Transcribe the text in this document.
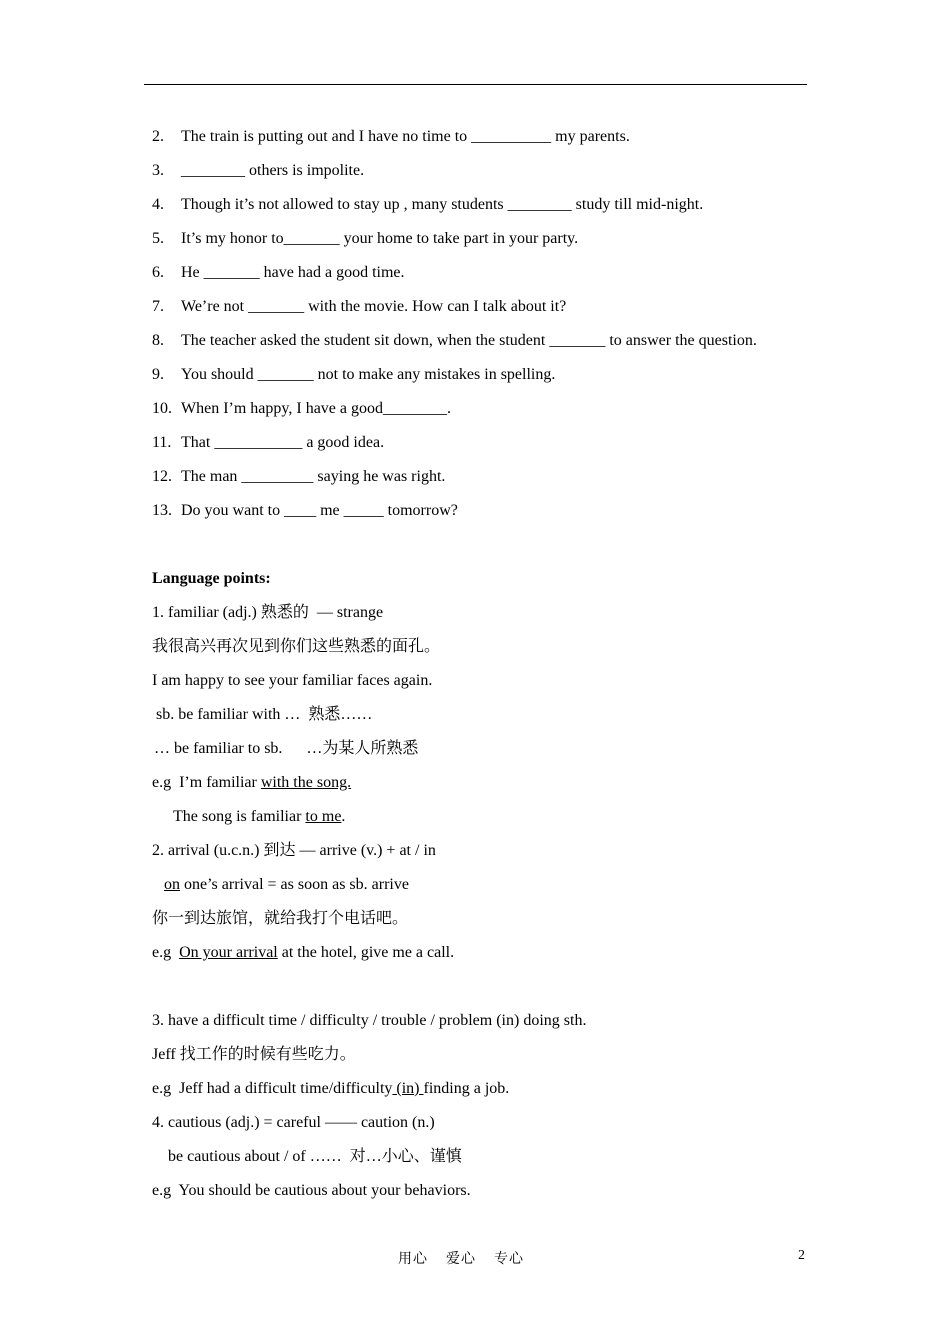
2. The train is putting out and I have no time to __________ my parents.
3. ________ others is impolite.
4. Though it’s not allowed to stay up , many students ________ study till mid-night.
5. It’s my honor to_______ your home to take part in your party.
6. He _______ have had a good time.
7. We’re not _______ with the movie. How can I talk about it?
8. The teacher asked the student sit down, when the student _______ to answer the question.
9. You should _______ not to make any mistakes in spelling.
10. When I’m happy, I have a good________.
11. That ___________ a good idea.
12. The man _________ saying he was right.
13. Do you want to ____ me _____ tomorrow?
Language points:
1. familiar (adj.) 熟悉的  — strange
我很高兴再次见到你们这些熟悉的面孔。
I am happy to see your familiar faces again.
sb. be familiar with …  熟悉……
… be familiar to sb.      …为某人所熟悉
e.g  I’m familiar with the song.
The song is familiar to me.
2. arrival (u.c.n.) 到达 — arrive (v.) + at / in
on one’s arrival = as soon as sb. arrive
你一到达旅馆，就给我打个电话吧。
e.g  On your arrival at the hotel, give me a call.
3. have a difficult time / difficulty / trouble / problem (in) doing sth.
Jeff 找工作的时候有些吃力。
e.g  Jeff had a difficult time/difficulty (in) finding a job.
4. cautious (adj.) = careful —— caution (n.)
be cautious about / of ……  对…小心、谨慎
e.g  You should be cautious about your behaviors.
用心    爱心    专心	2
